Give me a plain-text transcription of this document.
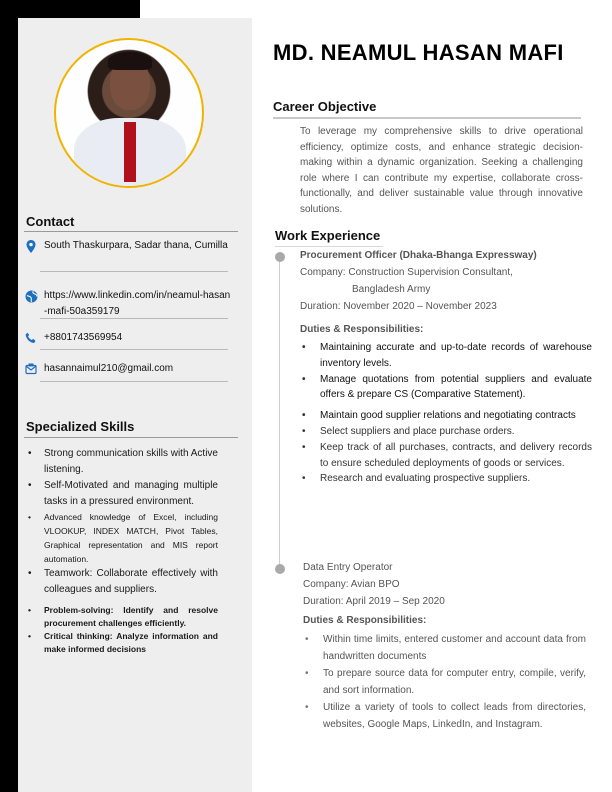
Contact
South Thaskurpara, Sadar thana, Cumilla
https://www.linkedin.com/in/neamul-hasan-mafi-50a359179
+8801743569954
hasannaimul210@gmail.com
Specialized Skills
• Strong communication skills with Active listening.
• Self-Motivated and managing multiple tasks in a pressured environment.
• Advanced knowledge of Excel, including VLOOKUP, INDEX MATCH, Pivot Tables, Graphical representation and MIS report automation.
• Teamwork: Collaborate effectively with colleagues and suppliers.
• Problem-solving: Identify and resolve procurement challenges efficiently.
• Critical thinking: Analyze information and make informed decisions
MD. NEAMUL HASAN MAFI
Career Objective
To leverage my comprehensive skills to drive operational efficiency, optimize costs, and enhance strategic decision-making within a dynamic organization. Seeking a challenging role where I can contribute my expertise, collaborate cross-functionally, and deliver sustainable value through innovative solutions.
Work Experience
Procurement Officer (Dhaka-Bhanga Expressway)
Company: Construction Supervision Consultant,
Bangladesh Army
Duration: November 2020 – November 2023
Duties & Responsibilities:
• Maintaining accurate and up-to-date records of warehouse inventory levels.
• Manage quotations from potential suppliers and evaluate offers & prepare CS (Comparative Statement).
• Maintain good supplier relations and negotiating contracts
• Select suppliers and place purchase orders.
• Keep track of all purchases, contracts, and delivery records to ensure scheduled deployments of goods or services.
• Research and evaluating prospective suppliers.
Data Entry Operator
Company: Avian BPO
Duration: April 2019 – Sep 2020
Duties & Responsibilities:
• Within time limits, entered customer and account data from handwritten documents
• To prepare source data for computer entry, compile, verify, and sort information.
• Utilize a variety of tools to collect leads from directories, websites, Google Maps, LinkedIn, and Instagram.
